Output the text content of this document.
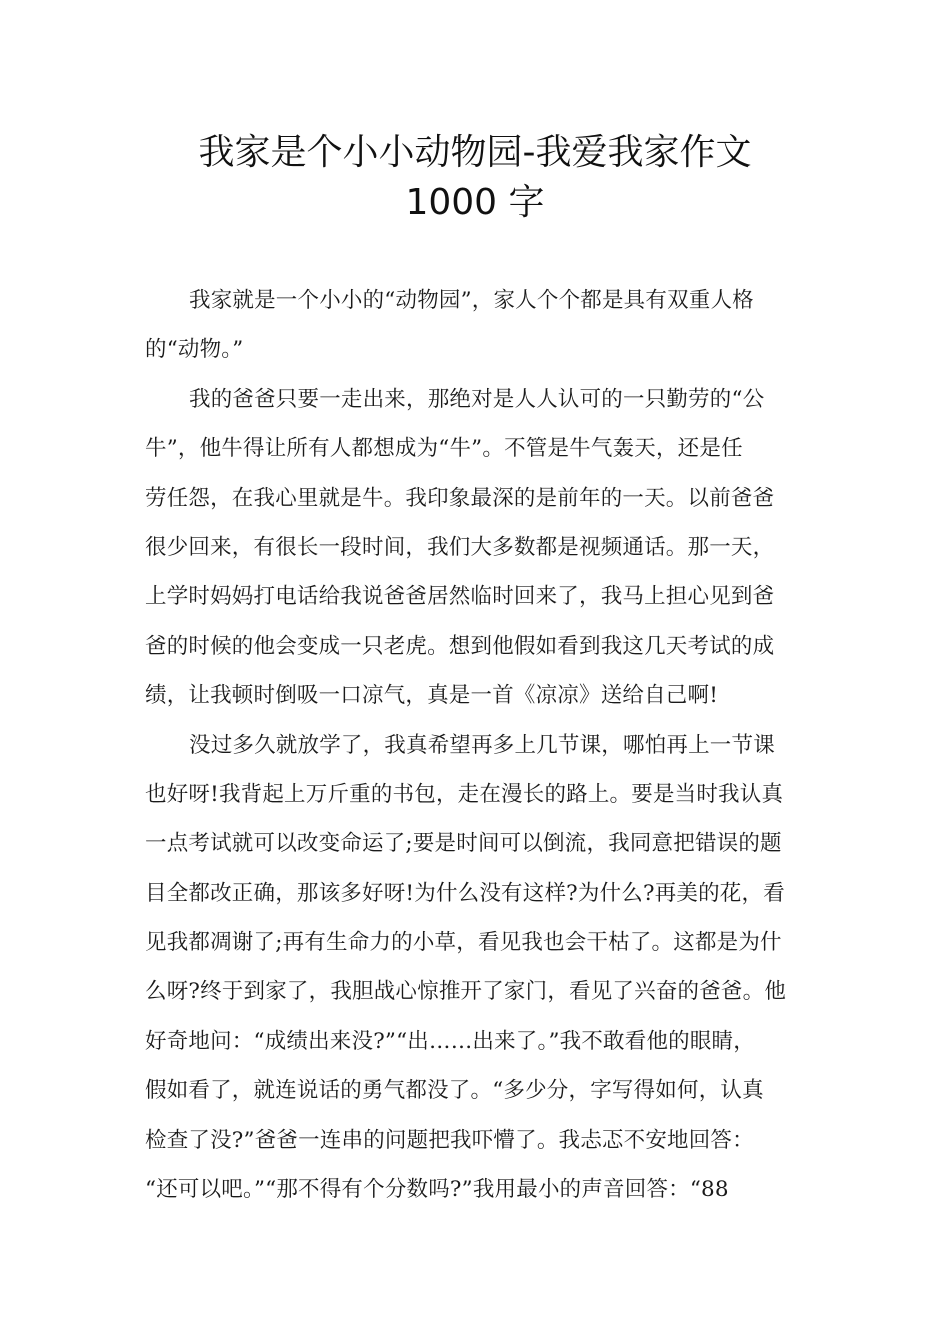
我家是个小小动物园-我爱我家作文
1000 字
我家就是一个小小的“动物园”，家人个个都是具有双重人格
的“动物。”
我的爸爸只要一走出来，那绝对是人人认可的一只勤劳的“公
牛”，他牛得让所有人都想成为“牛”。不管是牛气轰天，还是任
劳任怨，在我心里就是牛。我印象最深的是前年的一天。以前爸爸
很少回来，有很长一段时间，我们大多数都是视频通话。那一天，
上学时妈妈打电话给我说爸爸居然临时回来了，我马上担心见到爸
爸的时候的他会变成一只老虎。想到他假如看到我这几天考试的成
绩，让我顿时倒吸一口凉气，真是一首《凉凉》送给自己啊!
没过多久就放学了，我真希望再多上几节课，哪怕再上一节课
也好呀!我背起上万斤重的书包，走在漫长的路上。要是当时我认真
一点考试就可以改变命运了;要是时间可以倒流，我同意把错误的题
目全都改正确，那该多好呀!为什么没有这样?为什么?再美的花，看
见我都凋谢了;再有生命力的小草，看见我也会干枯了。这都是为什
么呀?终于到家了，我胆战心惊推开了家门，看见了兴奋的爸爸。他
好奇地问：“成绩出来没?”“出……出来了。”我不敢看他的眼睛，
假如看了，就连说话的勇气都没了。“多少分，字写得如何，认真
检查了没?”爸爸一连串的问题把我吓懵了。我忐忑不安地回答：
“还可以吧。”“那不得有个分数吗?”我用最小的声音回答：“88
